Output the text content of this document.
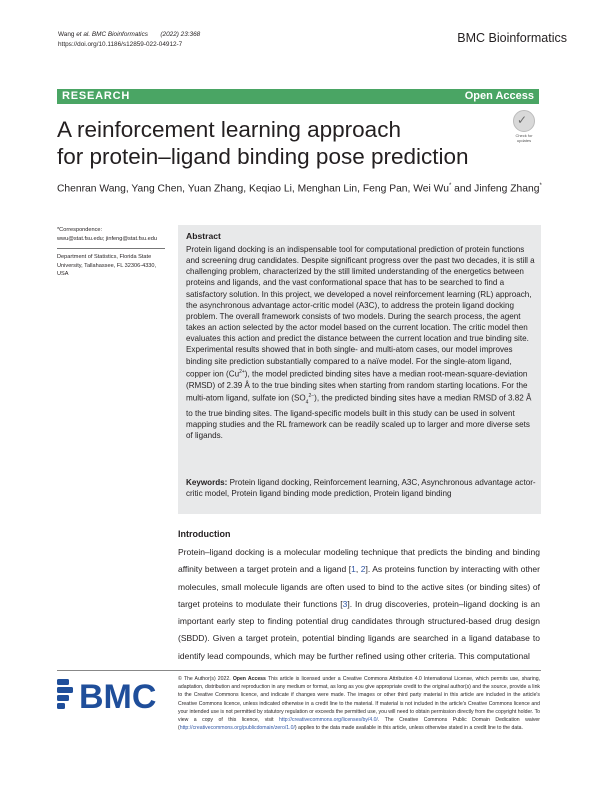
Wang et al. BMC Bioinformatics (2022) 23:368
https://doi.org/10.1186/s12859-022-04912-7	BMC Bioinformatics
RESEARCH	Open Access
A reinforcement learning approach
for protein–ligand binding pose prediction
✓
Check for
updates
Chenran Wang, Yang Chen, Yuan Zhang, Keqiao Li, Menghan Lin, Feng Pan, Wei Wu* and Jinfeng Zhang*
*Correspondence:
wwu@stat.fsu.edu; jinfeng@stat.fsu.edu
Department of Statistics, Florida State University, Tallahassee, FL 32306-4330, USA
Abstract
Protein ligand docking is an indispensable tool for computational prediction of protein functions and screening drug candidates. Despite significant progress over the past two decades, it is still a challenging problem, characterized by the still limited understanding of the energetics between proteins and ligands, and the vast conformational space that has to be searched to find a satisfactory solution. In this project, we developed a novel reinforcement learning (RL) approach, the asynchronous advantage actor-critic model (A3C), to address the protein ligand docking problem. The overall framework consists of two models. During the search process, the agent takes an action selected by the actor model based on the current location. The critic model then evaluates this action and predict the distance between the current location and true binding site. Experimental results showed that in both single- and multi-atom cases, our model improves binding site prediction substantially compared to a naïve model. For the single-atom ligand, copper ion $(Cu^{2+})$, the model predicted binding sites have a median root-mean-square-deviation (RMSD) of 2.39 Å to the true binding sites when starting from random starting locations. For the multi-atom ligand, sulfate ion $(SO_4^{2-})$, the predicted binding sites have a median RMSD of 3.82 Å to the true binding sites. The ligand-specific models built in this study can be used in solvent mapping studies and the RL framework can be readily scaled up to larger and more diverse sets of ligands.
Keywords: Protein ligand docking, Reinforcement learning, A3C, Asynchronous advantage actor-critic model, Protein ligand binding mode prediction, Protein ligand binding
Introduction
Protein–ligand docking is a molecular modeling technique that predicts the binding and binding affinity between a target protein and a ligand [1, 2]. As proteins function by interacting with other molecules, small molecule ligands are often used to bind to the active sites (or binding sites) of target proteins to modulate their functions [3]. In drug discoveries, protein–ligand docking is an important early step to finding potential drug candidates through structured-based drug design (SBDD). Given a target protein, potential binding ligands are searched in a ligand database to identify lead compounds, which may be further refined using other criteria. This computational
BMC	© The Author(s) 2022. Open Access This article is licensed under a Creative Commons Attribution 4.0 International License, which permits use, sharing, adaptation, distribution and reproduction in any medium or format, as long as you give appropriate credit to the original author(s) and the source, provide a link to the Creative Commons licence, and indicate if changes were made. The images or other third party material in this article are included in the article's Creative Commons licence, unless indicated otherwise in a credit line to the material. If material is not included in the article's Creative Commons licence and your intended use is not permitted by statutory regulation or exceeds the permitted use, you will need to obtain permission directly from the copyright holder. To view a copy of this licence, visit http://creativecommons.org/licenses/by/4.0/. The Creative Commons Public Domain Dedication waiver (http://creativecommons.org/publicdomain/zero/1.0/) applies to the data made available in this article, unless otherwise stated in a credit line to the data.
